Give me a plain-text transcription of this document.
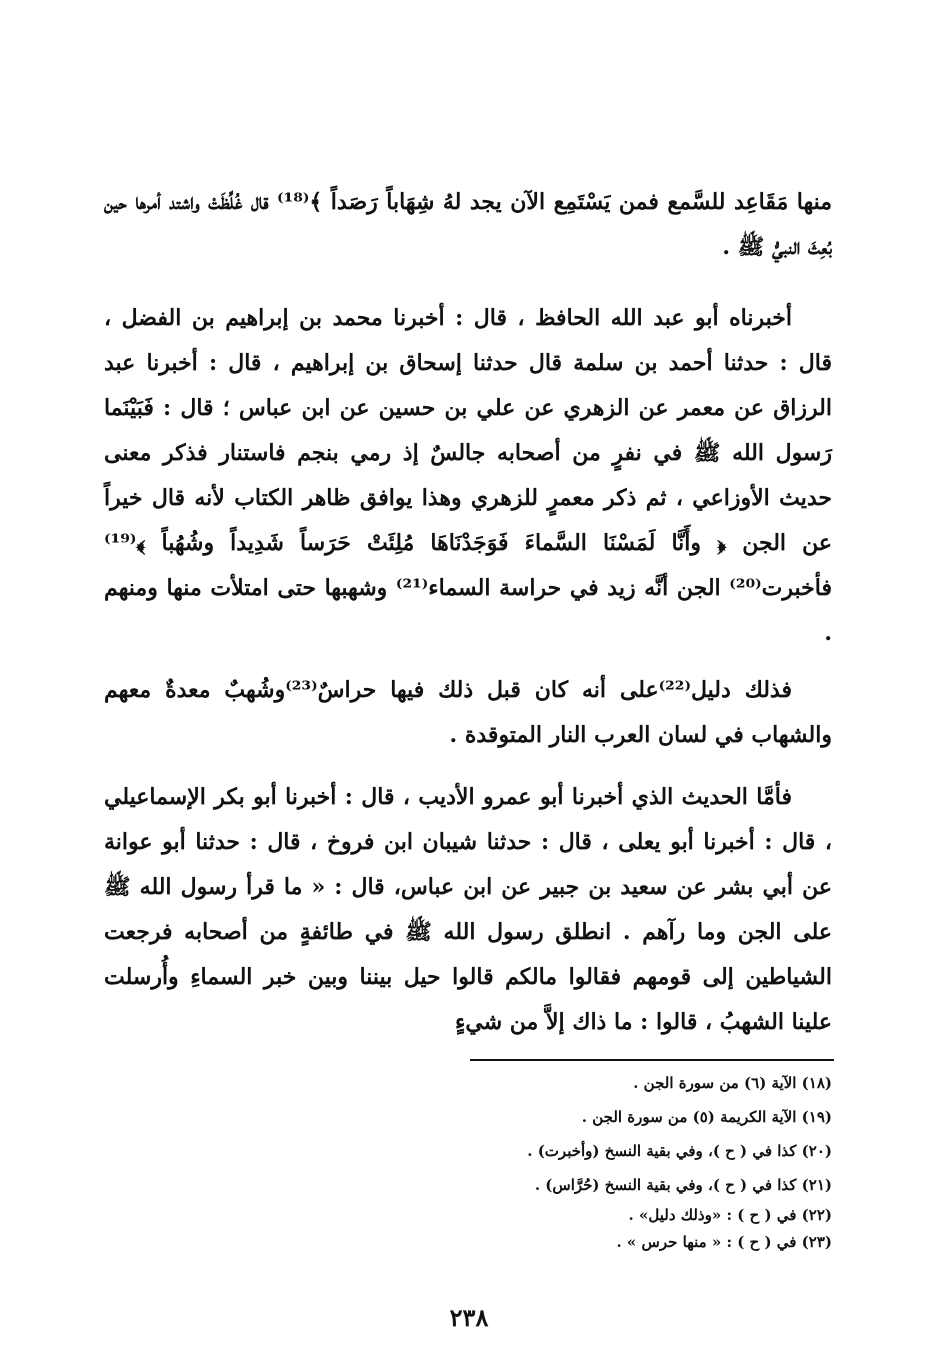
منها مَقَاعِد للسَّمع فمن يَسْتَمِع الآن يجد لهُ شِهَاباً رَصَداً ﴾⁽¹⁸⁾ قال غُلِّظَتْ واشتد أمرها حين بُعِثَ النبيُّ ﷺ .

أخبرناه أبو عبد الله الحافظ ، قال : أخبرنا محمد بن إبراهيم بن الفضل ، قال : حدثنا أحمد بن سلمة قال حدثنا إسحاق بن إبراهيم ، قال : أخبرنا عبد الرزاق عن معمر عن الزهري عن علي بن حسين عن ابن عباس ؛ قال : فَبَيْنَما رَسول الله ﷺ في نفرٍ من أصحابه جالسٌ إذ رمي بنجم فاستنار فذكر معنى حديث الأوزاعي ، ثم ذكر معمرٍ للزهري وهذا يوافق ظاهر الكتاب لأنه قال خيراً عن الجن ﴿ وأَنَّا لَمَسْنَا السَّماءَ فَوَجَدْنَاهَا مُلِئَتْ حَرَساً شَدِيداً وشُهُباً ﴾⁽¹⁹⁾ فأخبرت⁽²⁰⁾ الجن أنَّه زيد في حراسة السماء⁽²¹⁾ وشهبها حتى امتلأت منها ومنهم .

فذلك دليل⁽²²⁾على أنه كان قبل ذلك فيها حراسٌ⁽²³⁾وشُهبٌ معدةٌ معهم والشهاب في لسان العرب النار المتوقدة .

فأمَّا الحديث الذي أخبرنا أبو عمرو الأديب ، قال : أخبرنا أبو بكر الإسماعيلي ، قال : أخبرنا أبو يعلى ، قال : حدثنا شيبان ابن فروخ ، قال : حدثنا أبو عوانة عن أبي بشر عن سعيد بن جبير عن ابن عباس، قال : « ما قرأ رسول الله ﷺ على الجن وما رآهم . انطلق رسول الله ﷺ في طائفةٍ من أصحابه فرجعت الشياطين إلى قومهم فقالوا مالكم قالوا حيل بيننا وبين خبر السماءِ وأُرسلت علينا الشهبُ ، قالوا : ما ذاك إلاَّ من شيءٍ

(١٨) الآية (٦) من سورة الجن .
(١٩) الآية الكريمة (٥) من سورة الجن .
(٢٠) كذا في ( ح )، وفي بقية النسخ (وأخبرت) .
(٢١) كذا في ( ح )، وفي بقية النسخ (حُرَّاس) .
(٢٢) في ( ح ) : «وذلك دليل» .
(٢٣) في ( ح ) : « منها حرس » .
٢٣٨
